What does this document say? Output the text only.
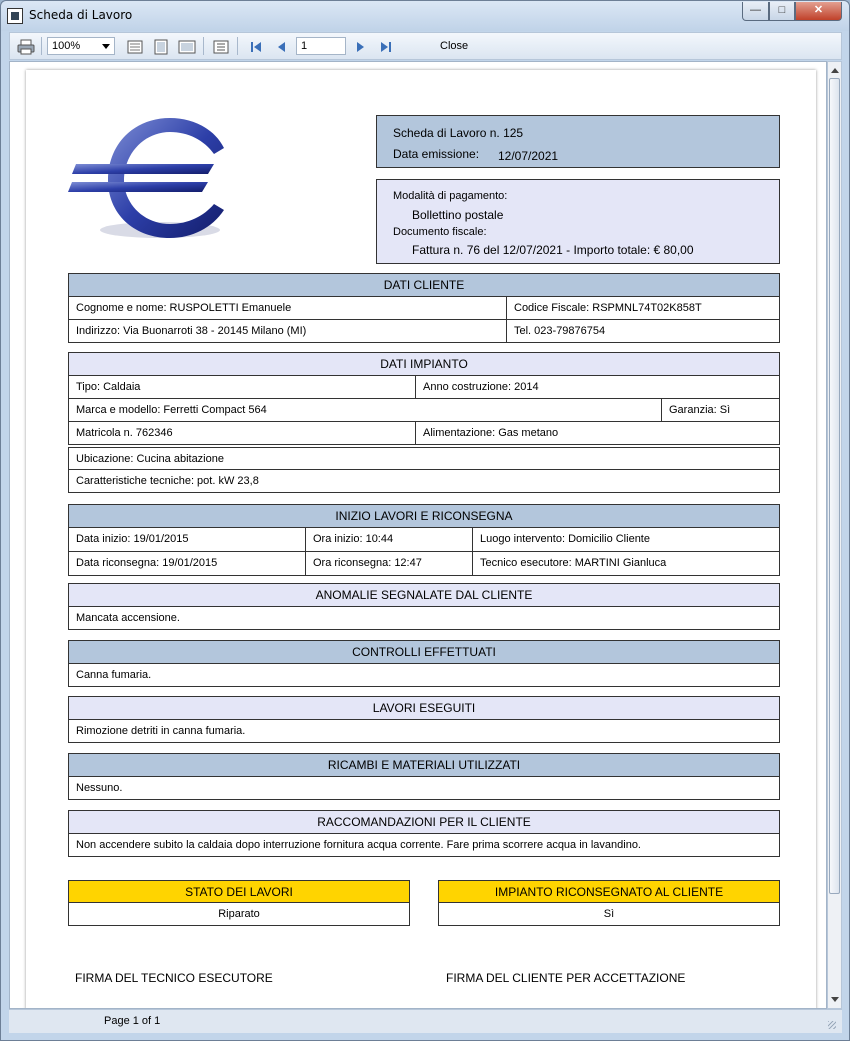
Scheda di Lavoro	—	□	✕
100%	1	Close
Scheda di Lavoro n. 125
Data emissione: 12/07/2021
Modalità di pagamento:
Bollettino postale
Documento fiscale:
Fattura n. 76 del 12/07/2021 - Importo totale: € 80,00
DATI CLIENTE
Cognome e nome: RUSPOLETTI Emanuele	Codice Fiscale: RSPMNL74T02K858T
Indirizzo: Via Buonarroti 38 - 20145 Milano (MI)	Tel. 023-79876754
DATI IMPIANTO
Tipo: Caldaia	Anno costruzione: 2014
Marca e modello: Ferretti Compact 564	Garanzia: Sì
Matricola n. 762346	Alimentazione: Gas metano
Ubicazione: Cucina abitazione
Caratteristiche tecniche: pot. kW 23,8
INIZIO LAVORI E RICONSEGNA
Data inizio: 19/01/2015	Ora inizio: 10:44	Luogo intervento: Domicilio Cliente
Data riconsegna: 19/01/2015	Ora riconsegna: 12:47	Tecnico esecutore: MARTINI Gianluca
ANOMALIE SEGNALATE DAL CLIENTE
Mancata accensione.
CONTROLLI EFFETTUATI
Canna fumaria.
LAVORI ESEGUITI
Rimozione detriti in canna fumaria.
RICAMBI E MATERIALI UTILIZZATI
Nessuno.
RACCOMANDAZIONI PER IL CLIENTE
Non accendere subito la caldaia dopo interruzione fornitura acqua corrente. Fare prima scorrere acqua in lavandino.
STATO DEI LAVORI
Riparato
IMPIANTO RICONSEGNATO AL CLIENTE
Sì
FIRMA DEL TECNICO ESECUTORE	FIRMA DEL CLIENTE PER ACCETTAZIONE
Page 1 of 1
